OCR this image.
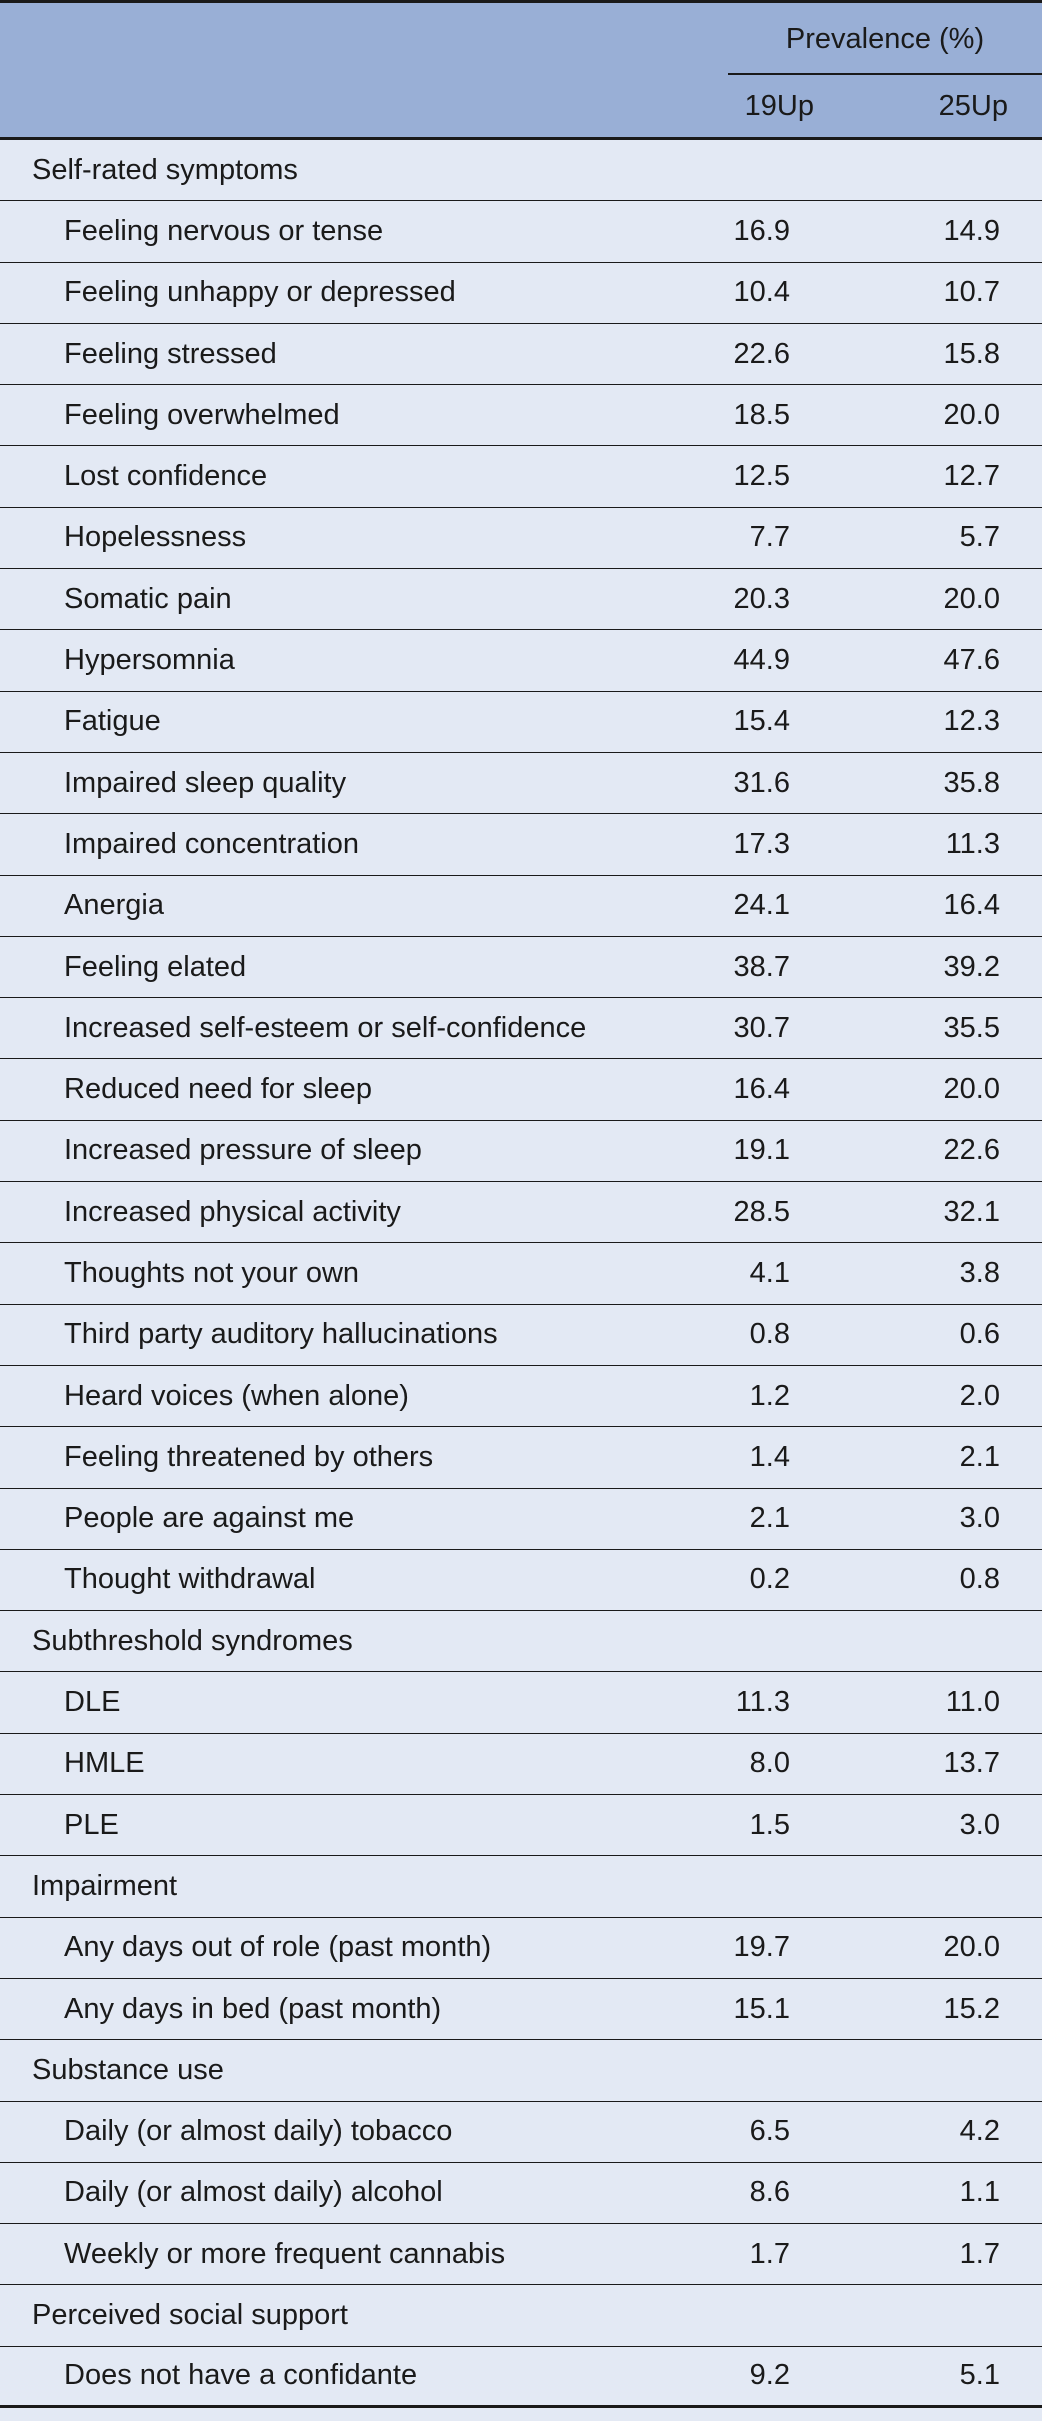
Prevalence (%)
19Up	25Up
Self-rated symptoms
Feeling nervous or tense	16.9	14.9
Feeling unhappy or depressed	10.4	10.7
Feeling stressed	22.6	15.8
Feeling overwhelmed	18.5	20.0
Lost confidence	12.5	12.7
Hopelessness	7.7	5.7
Somatic pain	20.3	20.0
Hypersomnia	44.9	47.6
Fatigue	15.4	12.3
Impaired sleep quality	31.6	35.8
Impaired concentration	17.3	11.3
Anergia	24.1	16.4
Feeling elated	38.7	39.2
Increased self-esteem or self-confidence	30.7	35.5
Reduced need for sleep	16.4	20.0
Increased pressure of sleep	19.1	22.6
Increased physical activity	28.5	32.1
Thoughts not your own	4.1	3.8
Third party auditory hallucinations	0.8	0.6
Heard voices (when alone)	1.2	2.0
Feeling threatened by others	1.4	2.1
People are against me	2.1	3.0
Thought withdrawal	0.2	0.8
Subthreshold syndromes
DLE	11.3	11.0
HMLE	8.0	13.7
PLE	1.5	3.0
Impairment
Any days out of role (past month)	19.7	20.0
Any days in bed (past month)	15.1	15.2
Substance use
Daily (or almost daily) tobacco	6.5	4.2
Daily (or almost daily) alcohol	8.6	1.1
Weekly or more frequent cannabis	1.7	1.7
Perceived social support
Does not have a confidante	9.2	5.1
